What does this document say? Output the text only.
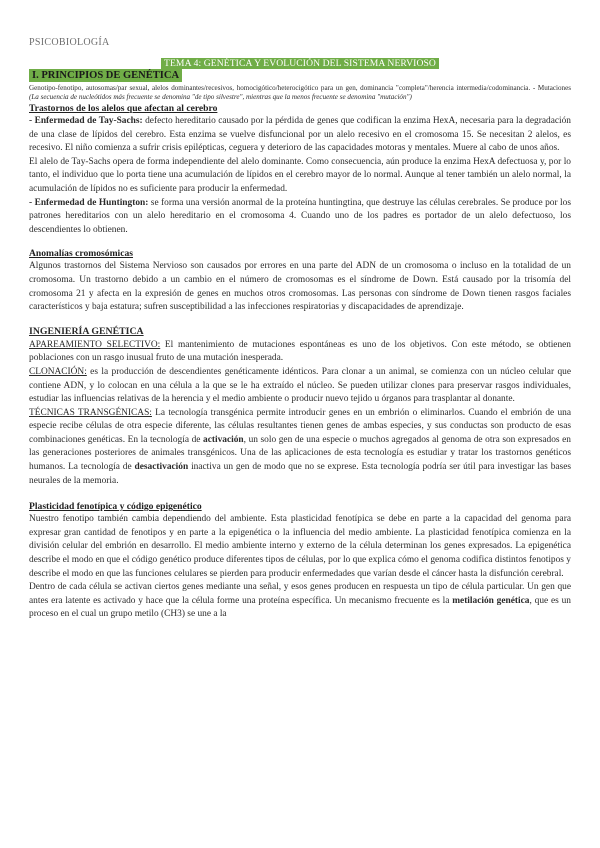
PSICOBIOLOGÍA
TEMA 4: GENÉTICA Y EVOLUCIÓN DEL SISTEMA NERVIOSO
I. PRINCIPIOS DE GENÉTICA
Genotipo-fenotipo, autosomas/par sexual, alelos dominantes/recesivos, homocigótico/heterocigótico para un gen, dominancia "completa"/herencia intermedia/codominancia. - Mutaciones (La secuencia de nucleótidos más frecuente se denomina "de tipo silvestre", mientras que la menos frecuente se denomina "mutación")
Trastornos de los alelos que afectan al cerebro

- Enfermedad de Tay-Sachs: defecto hereditario causado por la pérdida de genes que codifican la enzima HexA, necesaria para la degradación de una clase de lípidos del cerebro. Esta enzima se vuelve disfuncional por un alelo recesivo en el cromosoma 15. Se necesitan 2 alelos, es recesivo. El niño comienza a sufrir crisis epilépticas, ceguera y deterioro de las capacidades motoras y mentales. Muere al cabo de unos años.

El alelo de Tay-Sachs opera de forma independiente del alelo dominante. Como consecuencia, aún produce la enzima HexA defectuosa y, por lo tanto, el individuo que lo porta tiene una acumulación de lípidos en el cerebro mayor de lo normal. Aunque al tener también un alelo normal, la acumulación de lípidos no es suficiente para producir la enfermedad.

- Enfermedad de Huntington: se forma una versión anormal de la proteína huntingtina, que destruye las células cerebrales. Se produce por los patrones hereditarios con un alelo hereditario en el cromosoma 4. Cuando uno de los padres es portador de un alelo defectuoso, los descendientes lo obtienen.

Anomalías cromosómicas

Algunos trastornos del Sistema Nervioso son causados por errores en una parte del ADN de un cromosoma o incluso en la totalidad de un cromosoma. Un trastorno debido a un cambio en el número de cromosomas es el síndrome de Down. Está causado por la trisomía del cromosoma 21 y afecta en la expresión de genes en muchos otros cromosomas. Las personas con síndrome de Down tienen rasgos faciales característicos y baja estatura; sufren susceptibilidad a las infecciones respiratorias y discapacidades de aprendizaje.

INGENIERÍA GENÉTICA

APAREAMIENTO SELECTIVO: El mantenimiento de mutaciones espontáneas es uno de los objetivos. Con este método, se obtienen poblaciones con un rasgo inusual fruto de una mutación inesperada.

CLONACIÓN: es la producción de descendientes genéticamente idénticos. Para clonar a un animal, se comienza con un núcleo celular que contiene ADN, y lo colocan en una célula a la que se le ha extraído el núcleo. Se pueden utilizar clones para preservar rasgos individuales, estudiar las influencias relativas de la herencia y el medio ambiente o producir nuevo tejido u órganos para trasplantar al donante.

TÉCNICAS TRANSGÉNICAS: La tecnología transgénica permite introducir genes en un embrión o eliminarlos. Cuando el embrión de una especie recibe células de otra especie diferente, las células resultantes tienen genes de ambas especies, y sus conductas son producto de esas combinaciones genéticas. En la tecnología de activación, un solo gen de una especie o muchos agregados al genoma de otra son expresados en las generaciones posteriores de animales transgénicos. Una de las aplicaciones de esta tecnología es estudiar y tratar los trastornos genéticos humanos. La tecnología de desactivación inactiva un gen de modo que no se exprese. Esta tecnología podría ser útil para investigar las bases neurales de la memoria.

Plasticidad fenotípica y código epigenético

Nuestro fenotipo también cambia dependiendo del ambiente. Esta plasticidad fenotípica se debe en parte a la capacidad del genoma para expresar gran cantidad de fenotipos y en parte a la epigenética o la influencia del medio ambiente. La plasticidad fenotípica comienza en la división celular del embrión en desarrollo. El medio ambiente interno y externo de la célula determinan los genes expresados. La epigenética describe el modo en que el código genético produce diferentes tipos de células, por lo que explica cómo el genoma codifica distintos fenotipos y describe el modo en que las funciones celulares se pierden para producir enfermedades que varían desde el cáncer hasta la disfunción cerebral.

Dentro de cada célula se activan ciertos genes mediante una señal, y esos genes producen en respuesta un tipo de célula particular. Un gen que antes era latente es activado y hace que la célula forme una proteína específica. Un mecanismo frecuente es la metilación genética, que es un proceso en el cual un grupo metilo (CH3) se une a la
